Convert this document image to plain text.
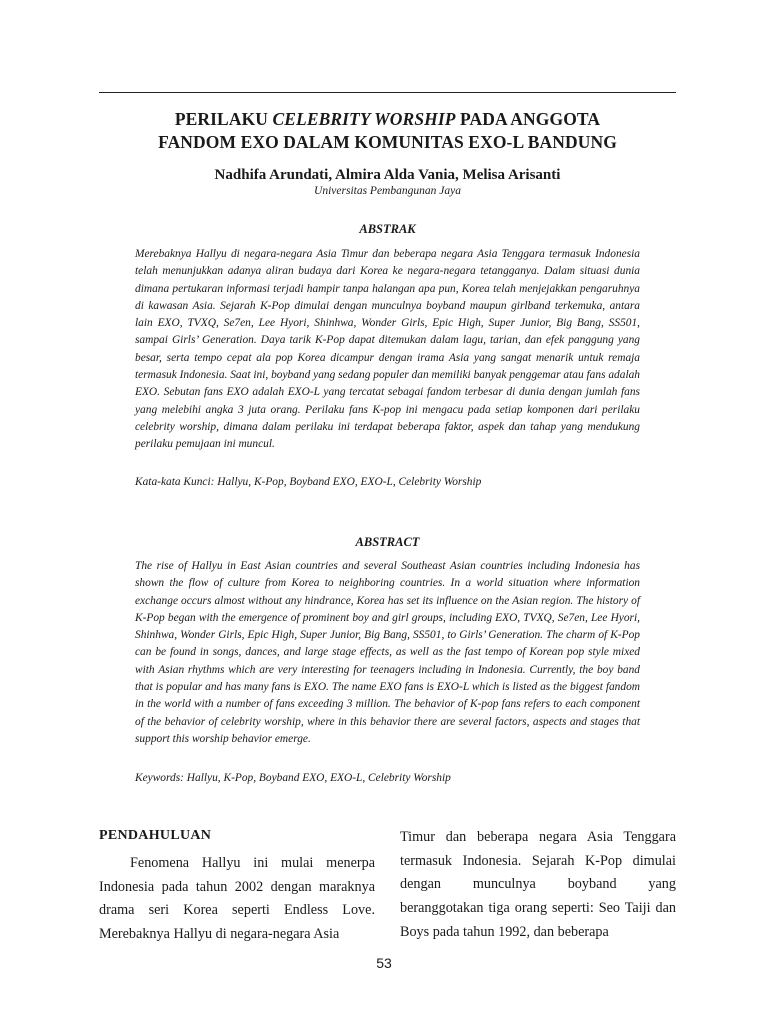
PERILAKU CELEBRITY WORSHIP PADA ANGGOTA
FANDOM EXO DALAM KOMUNITAS EXO-L BANDUNG
Nadhifa Arundati, Almira Alda Vania, Melisa Arisanti
Universitas Pembangunan Jaya
ABSTRAK

Merebaknya Hallyu di negara-negara Asia Timur dan beberapa negara Asia Tenggara termasuk Indonesia telah menunjukkan adanya aliran budaya dari Korea ke negara-negara tetangganya. Dalam situasi dunia dimana pertukaran informasi terjadi hampir tanpa halangan apa pun, Korea telah menjejakkan pengaruhnya di kawasan Asia. Sejarah K-Pop dimulai dengan munculnya boyband maupun girlband terkemuka, antara lain EXO, TVXQ, Se7en, Lee Hyori, Shinhwa, Wonder Girls, Epic High, Super Junior, Big Bang, SS501, sampai Girls’ Generation. Daya tarik K-Pop dapat ditemukan dalam lagu, tarian, dan efek panggung yang besar, serta tempo cepat ala pop Korea dicampur dengan irama Asia yang sangat menarik untuk remaja termasuk Indonesia. Saat ini, boyband yang sedang populer dan memiliki banyak penggemar atau fans adalah EXO. Sebutan fans EXO adalah EXO-L yang tercatat sebagai fandom terbesar di dunia dengan jumlah fans yang melebihi angka 3 juta orang. Perilaku fans K-pop ini mengacu pada setiap komponen dari perilaku celebrity worship, dimana dalam perilaku ini terdapat beberapa faktor, aspek dan tahap yang mendukung perilaku pemujaan ini muncul.

Kata-kata Kunci: Hallyu, K-Pop, Boyband EXO, EXO-L, Celebrity Worship

ABSTRACT

The rise of Hallyu in East Asian countries and several Southeast Asian countries including Indonesia has shown the flow of culture from Korea to neighboring countries. In a world situation where information exchange occurs almost without any hindrance, Korea has set its influence on the Asian region. The history of K-Pop began with the emergence of prominent boy and girl groups, including EXO, TVXQ, Se7en, Lee Hyori, Shinhwa, Wonder Girls, Epic High, Super Junior, Big Bang, SS501, to Girls’ Generation. The charm of K-Pop can be found in songs, dances, and large stage effects, as well as the fast tempo of Korean pop style mixed with Asian rhythms which are very interesting for teenagers including in Indonesia. Currently, the boy band that is popular and has many fans is EXO. The name EXO fans is EXO-L which is listed as the biggest fandom in the world with a number of fans exceeding 3 million. The behavior of K-pop fans refers to each component of the behavior of celebrity worship, where in this behavior there are several factors, aspects and stages that support this worship behavior emerge.

Keywords: Hallyu, K-Pop, Boyband EXO, EXO-L, Celebrity Worship

PENDAHULUAN

Fenomena Hallyu ini mulai menerpa Indonesia pada tahun 2002 dengan maraknya drama seri Korea seperti Endless Love. Merebaknya Hallyu di negara-negara Asia

Timur dan beberapa negara Asia Tenggara termasuk Indonesia. Sejarah K-Pop dimulai dengan munculnya boyband yang beranggotakan tiga orang seperti: Seo Taiji dan Boys pada tahun 1992, dan beberapa

53
